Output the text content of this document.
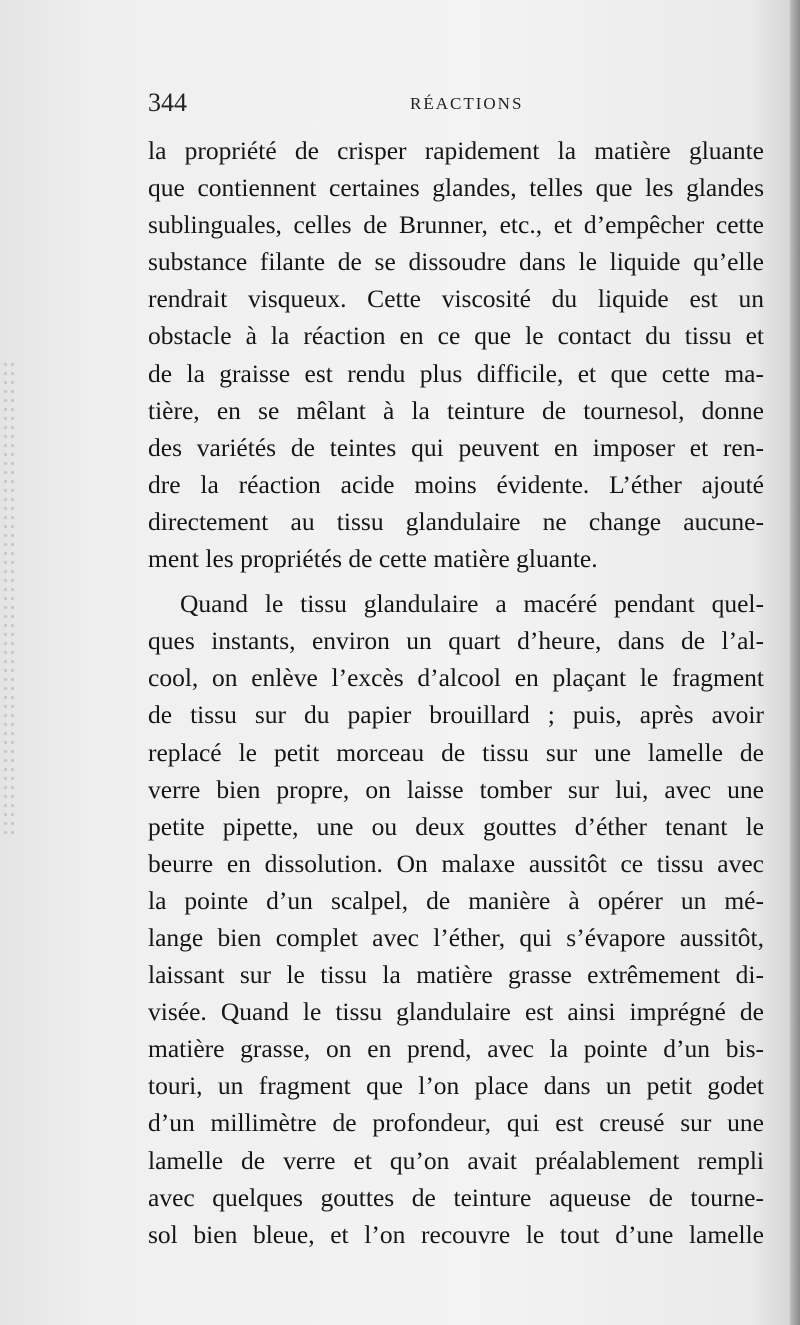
344	RÉACTIONS
la propriété de crisper rapidement la matière gluante
que contiennent certaines glandes, telles que les glandes
sublinguales, celles de Brunner, etc., et d’empêcher cette
substance filante de se dissoudre dans le liquide qu’elle
rendrait visqueux. Cette viscosité du liquide est un
obstacle à la réaction en ce que le contact du tissu et
de la graisse est rendu plus difficile, et que cette ma-
tière, en se mêlant à la teinture de tournesol, donne
des variétés de teintes qui peuvent en imposer et ren-
dre la réaction acide moins évidente. L’éther ajouté
directement au tissu glandulaire ne change aucune-
ment les propriétés de cette matière gluante.
Quand le tissu glandulaire a macéré pendant quel-
ques instants, environ un quart d’heure, dans de l’al-
cool, on enlève l’excès d’alcool en plaçant le fragment
de tissu sur du papier brouillard ; puis, après avoir
replacé le petit morceau de tissu sur une lamelle de
verre bien propre, on laisse tomber sur lui, avec une
petite pipette, une ou deux gouttes d’éther tenant le
beurre en dissolution. On malaxe aussitôt ce tissu avec
la pointe d’un scalpel, de manière à opérer un mé-
lange bien complet avec l’éther, qui s’évapore aussitôt,
laissant sur le tissu la matière grasse extrêmement di-
visée. Quand le tissu glandulaire est ainsi imprégné de
matière grasse, on en prend, avec la pointe d’un bis-
touri, un fragment que l’on place dans un petit godet
d’un millimètre de profondeur, qui est creusé sur une
lamelle de verre et qu’on avait préalablement rempli
avec quelques gouttes de teinture aqueuse de tourne-
sol bien bleue, et l’on recouvre le tout d’une lamelle
